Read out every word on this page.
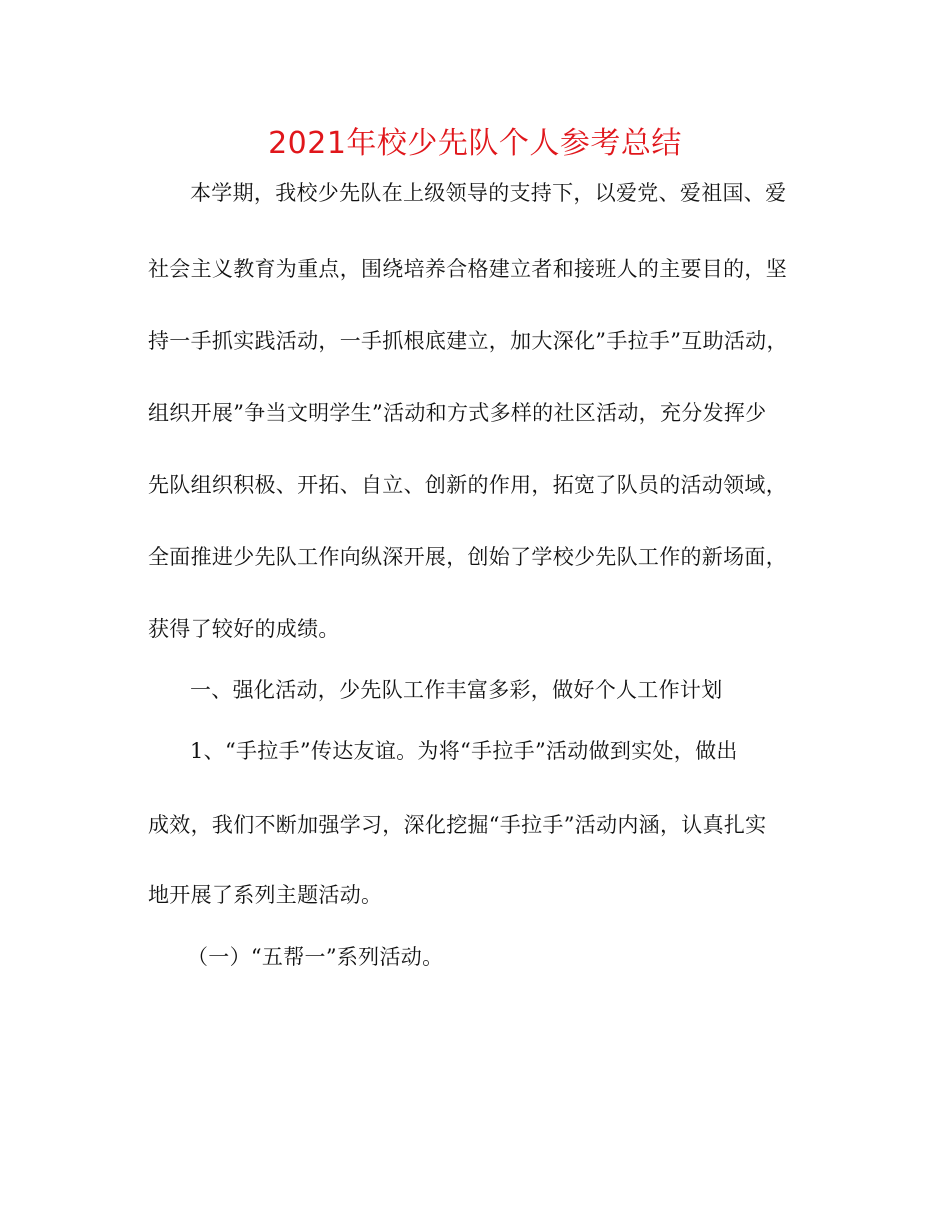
2021年校少先队个人参考总结
本学期，我校少先队在上级领导的支持下，以爱党、爱祖国、爱
社会主义教育为重点，围绕培养合格建立者和接班人的主要目的，坚
持一手抓实践活动，一手抓根底建立，加大深化”手拉手”互助活动，
组织开展”争当文明学生”活动和方式多样的社区活动，充分发挥少
先队组织积极、开拓、自立、创新的作用，拓宽了队员的活动领域，
全面推进少先队工作向纵深开展，创始了学校少先队工作的新场面，
获得了较好的成绩。
一、强化活动，少先队工作丰富多彩，做好个人工作计划
1、“手拉手”传达友谊。为将“手拉手”活动做到实处，做出
成效，我们不断加强学习，深化挖掘“手拉手”活动内涵，认真扎实
地开展了系列主题活动。
（一）“五帮一”系列活动。
